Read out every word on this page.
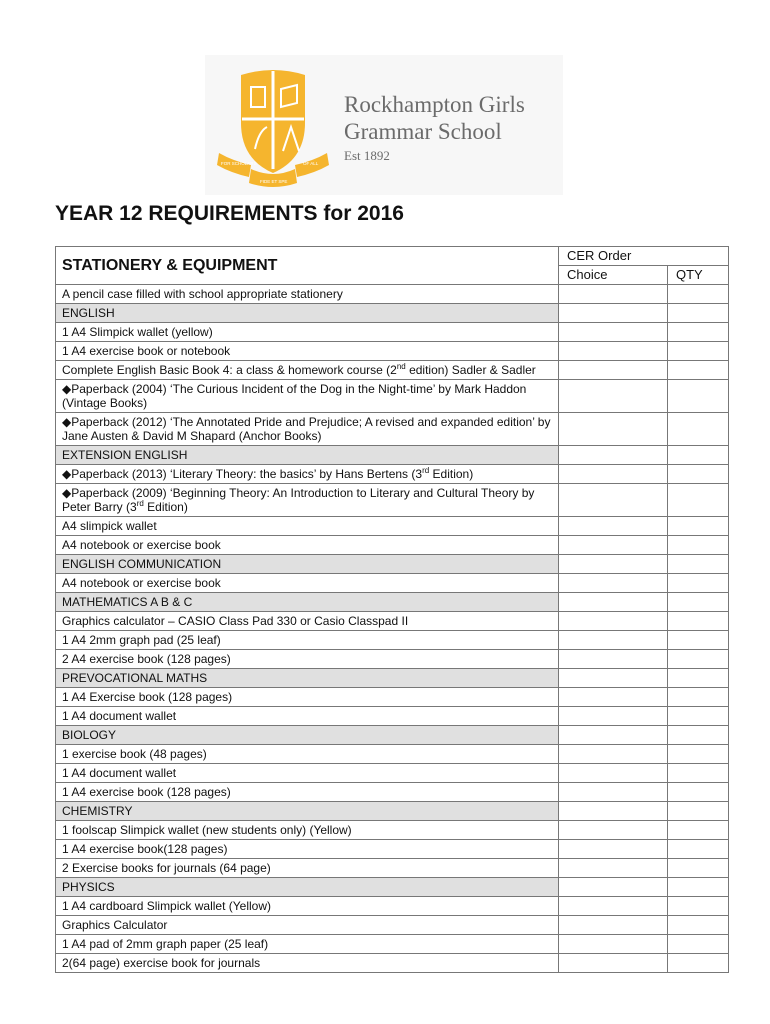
FOR SCHOLARS	OF ALL
FIDE ET SPE
Rockhampton Girls
Grammar School
Est 1892
YEAR 12 REQUIREMENTS for 2016
STATIONERY & EQUIPMENT	CER Order	
	Choice	QTY
A pencil case filled with school appropriate stationery		
ENGLISH		
1 A4 Slimpick wallet (yellow)		
1 A4 exercise book or notebook		
Complete English Basic Book 4: a class & homework course (2nd edition) Sadler & Sadler		
◆Paperback (2004) ‘The Curious Incident of the Dog in the Night-time’ by Mark Haddon (Vintage Books)		
◆Paperback (2012) ‘The Annotated Pride and Prejudice; A revised and expanded edition’ by Jane Austen & David M Shapard (Anchor Books)		
EXTENSION ENGLISH		
◆Paperback (2013) ‘Literary Theory: the basics’ by Hans Bertens (3rd Edition)		
◆Paperback (2009) ‘Beginning Theory: An Introduction to Literary and Cultural Theory by Peter Barry (3rd Edition)		
A4 slimpick wallet		
A4 notebook or exercise book		
ENGLISH COMMUNICATION		
A4 notebook or exercise book		
MATHEMATICS A B & C		
Graphics calculator – CASIO Class Pad 330 or Casio Classpad II		
1 A4 2mm graph pad (25 leaf)		
2 A4 exercise book (128 pages)		
PREVOCATIONAL MATHS		
1 A4 Exercise book (128 pages)		
1 A4 document wallet		
BIOLOGY		
1 exercise book (48 pages)		
1 A4 document wallet		
1 A4 exercise book (128 pages)		
CHEMISTRY		
1 foolscap Slimpick wallet (new students only) (Yellow)		
1 A4 exercise book(128 pages)		
2 Exercise books for journals (64 page)		
PHYSICS		
1 A4 cardboard Slimpick wallet (Yellow)		
Graphics Calculator		
1 A4 pad of 2mm graph paper (25 leaf)		
2(64 page) exercise book for journals		
